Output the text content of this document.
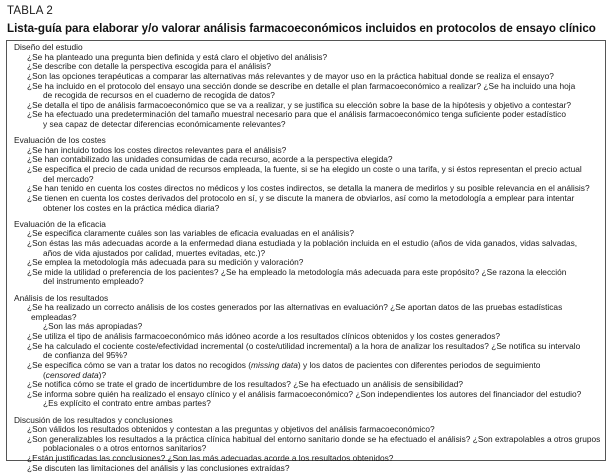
TABLA 2
Lista-guía para elaborar y/o valorar análisis farmacoeconómicos incluidos en protocolos de ensayo clínico
Diseño del estudio
¿Se ha planteado una pregunta bien definida y está claro el objetivo del análisis?
¿Se describe con detalle la perspectiva escogida para el análisis?
¿Son las opciones terapéuticas a comparar las alternativas más relevantes y de mayor uso en la práctica habitual donde se realiza el ensayo?
¿Se ha incluido en el protocolo del ensayo una sección donde se describe en detalle el plan farmacoeconómico a realizar? ¿Se ha incluido una hoja
de recogida de recursos en el cuaderno de recogida de datos?
¿Se detalla el tipo de análisis farmacoeconómico que se va a realizar, y se justifica su elección sobre la base de la hipótesis y objetivo a contestar?
¿Se ha efectuado una predeterminación del tamaño muestral necesario para que el análisis farmacoeconómico tenga suficiente poder estadístico
y sea capaz de detectar diferencias económicamente relevantes?
Evaluación de los costes
¿Se han incluido todos los costes directos relevantes para el análisis?
¿Se han contabilizado las unidades consumidas de cada recurso, acorde a la perspectiva elegida?
¿Se especifica el precio de cada unidad de recursos empleada, la fuente, si se ha elegido un coste o una tarifa, y si éstos representan el precio actual
del mercado?
¿Se han tenido en cuenta los costes directos no médicos y los costes indirectos, se detalla la manera de medirlos y su posible relevancia en el análisis?
¿Se tienen en cuenta los costes derivados del protocolo en sí, y se discute la manera de obviarlos, así como la metodología a emplear para intentar
obtener los costes en la práctica médica diaria?
Evaluación de la eficacia
¿Se especifica claramente cuáles son las variables de eficacia evaluadas en el análisis?
¿Son éstas las más adecuadas acorde a la enfermedad diana estudiada y la población incluida en el estudio (años de vida ganados, vidas salvadas,
años de vida ajustados por calidad, muertes evitadas, etc.)?
¿Se emplea la metodología más adecuada para su medición y valoración?
¿Se mide la utilidad o preferencia de los pacientes? ¿Se ha empleado la metodología más adecuada para este propósito? ¿Se razona la elección
del instrumento empleado?
Análisis de los resultados
¿Se ha realizado un correcto análisis de los costes generados por las alternativas en evaluación? ¿Se aportan datos de las pruebas estadísticas empleadas?
¿Son las más apropiadas?
¿Se utiliza el tipo de análisis farmacoeconómico más idóneo acorde a los resultados clínicos obtenidos y los costes generados?
¿Se ha calculado el cociente coste/efectividad incremental (o coste/utilidad incremental) a la hora de analizar los resultados? ¿Se notifica su intervalo
de confianza del 95%?
¿Se especifica cómo se van a tratar los datos no recogidos (missing data) y los datos de pacientes con diferentes periodos de seguimiento
(censored data)?
¿Se notifica cómo se trate el grado de incertidumbre de los resultados? ¿Se ha efectuado un análisis de sensibilidad?
¿Se informa sobre quién ha realizado el ensayo clínico y el análisis farmacoeconómico? ¿Son independientes los autores del financiador del estudio?
¿Es explícito el contrato entre ambas partes?
Discusión de los resultados y conclusiones
¿Son válidos los resultados obtenidos y contestan a las preguntas y objetivos del análisis farmacoeconómico?
¿Son generalizables los resultados a la práctica clínica habitual del entorno sanitario donde se ha efectuado el análisis? ¿Son extrapolables a otros grupos
poblacionales o a otros entornos sanitarios?
¿Están justificadas las conclusiones? ¿Son las más adecuadas acorde a los resultados obtenidos?
¿Se discuten las limitaciones del análisis y las conclusiones extraídas?
